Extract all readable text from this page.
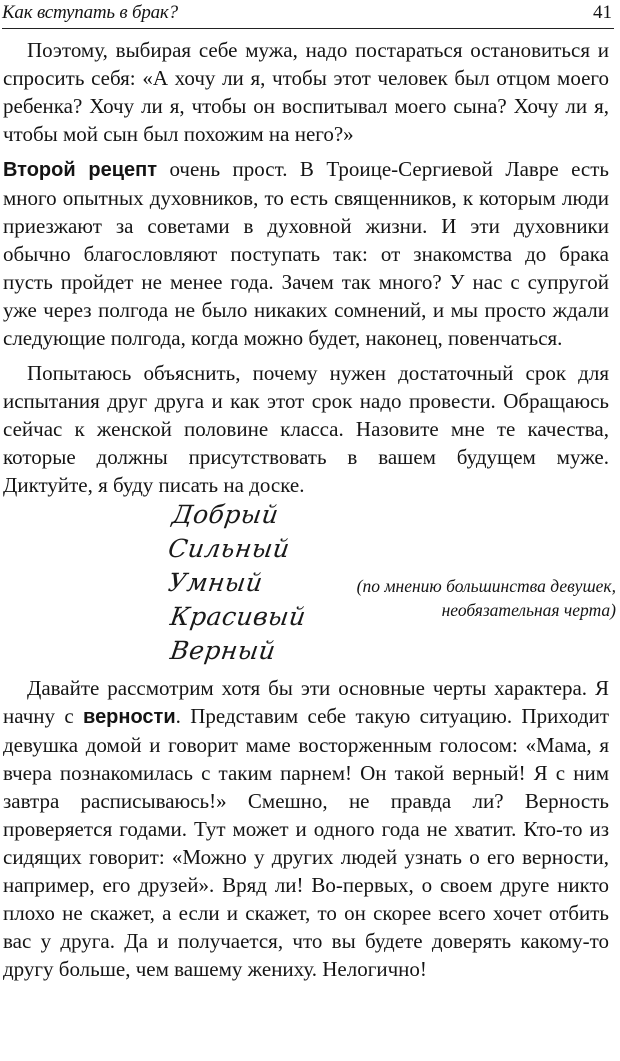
Как вступать в брак?	41

Поэтому, выбирая себе мужа, надо постараться остановиться и спросить себя: «А хочу ли я, чтобы этот человек был отцом моего ребенка? Хочу ли я, чтобы он воспитывал моего сына? Хочу ли я, чтобы мой сын был похожим на него?»

Второй рецепт очень прост. В Троице-Сергиевой Лавре есть много опытных духовников, то есть священников, к которым люди приезжают за советами в духовной жизни. И эти духовники обычно благословляют поступать так: от знакомства до брака пусть пройдет не менее года. Зачем так много? У нас с супругой уже через полгода не было никаких сомнений, и мы просто ждали следующие полгода, когда можно будет, наконец, повенчаться.

Попытаюсь объяснить, почему нужен достаточный срок для испытания друг друга и как этот срок надо провести. Обращаюсь сейчас к женской половине класса. Назовите мне те качества, которые должны присутствовать в вашем будущем муже. Диктуйте, я буду писать на доске.

Добрый
Сильный
Умный
Красивый
Верный
(по мнению большинства девушек,
необязательная черта)

Давайте рассмотрим хотя бы эти основные черты характера. Я начну с верности. Представим себе такую ситуацию. Приходит девушка домой и говорит маме восторженным голосом: «Мама, я вчера познакомилась с таким парнем! Он такой верный! Я с ним завтра расписываюсь!» Смешно, не правда ли? Верность проверяется годами. Тут может и одного года не хватит. Кто-то из сидящих говорит: «Можно у других людей узнать о его верности, например, его друзей». Вряд ли! Во-первых, о своем друге никто плохо не скажет, а если и скажет, то он скорее всего хочет отбить вас у друга. Да и получается, что вы будете доверять какому-то другу больше, чем вашему жениху. Нелогично!
